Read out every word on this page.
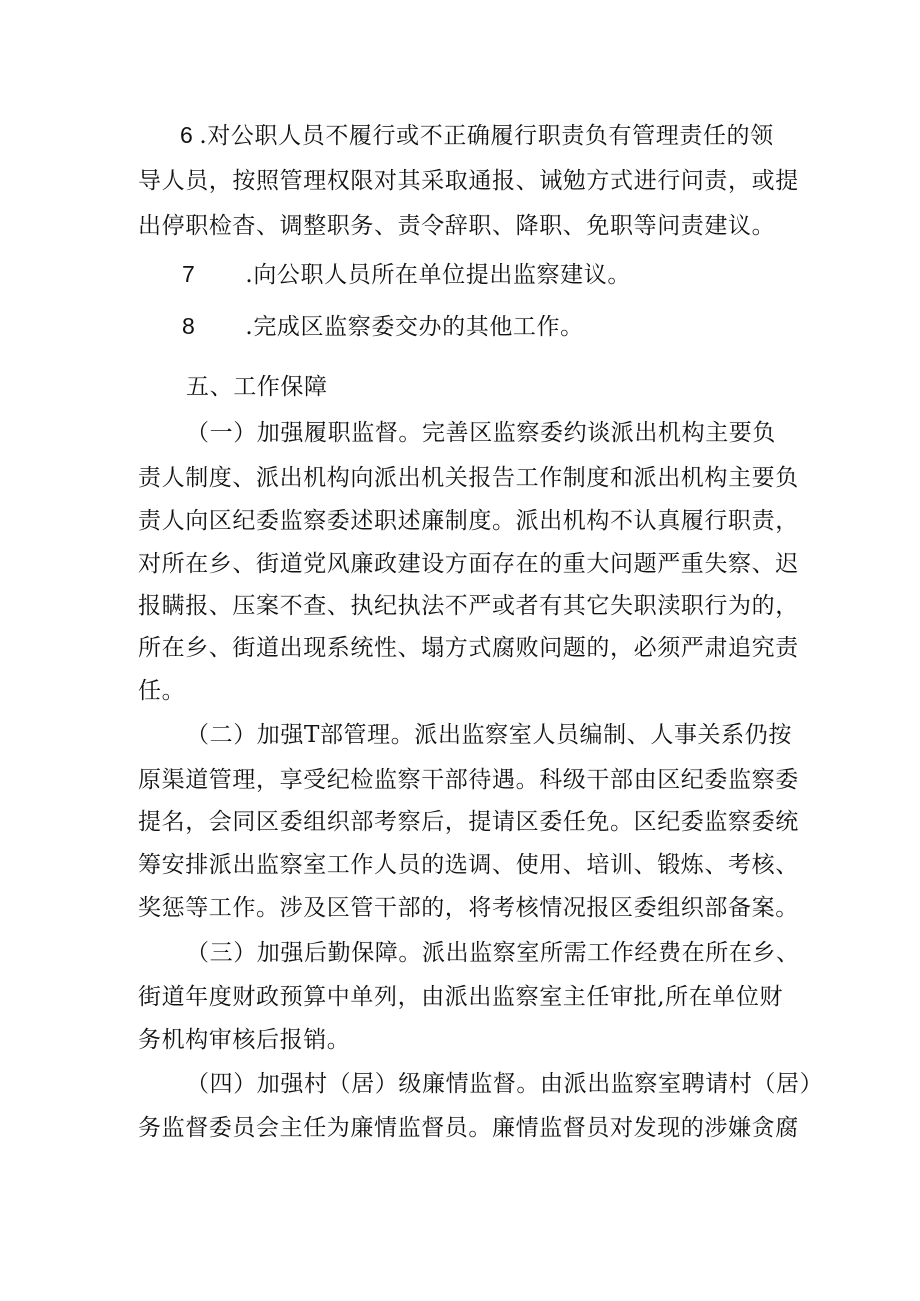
6 .对公职人员不履行或不正确履行职责负有管理责任的领
导人员，按照管理权限对其采取通报、诫勉方式进行问责，或提
出停职检杳、调整职务、责令辞职、降职、免职等问责建议。
7 .向公职人员所在单位提出监察建议。
8 .完成区监察委交办的其他工作。
五、工作保障
（一）加强履职监督。完善区监察委约谈派出机构主要负
责人制度、派出机构向派出机关报告工作制度和派出机构主要负
责人向区纪委监察委述职述廉制度。派出机构不认真履行职责，
对所在乡、街道党风廉政建设方面存在的重大问题严重失察、迟
报瞒报、压案不查、执纪执法不严或者有其它失职渎职行为的，
所在乡、街道出现系统性、塌方式腐败问题的，必须严肃追究责
任。
（二）加强T部管理。派出监察室人员编制、人事关系仍按
原渠道管理，享受纪检监察干部待遇。科级干部由区纪委监察委
提名，会同区委组织部考察后，提请区委任免。区纪委监察委统
筹安排派出监察室工作人员的选调、使用、培训、锻炼、考核、
奖惩等工作。涉及区管干部的，将考核情况报区委组织部备案。
（三）加强后勤保障。派出监察室所需工作经费在所在乡、
街道年度财政预算中单列，由派出监察室主任审批,所在单位财
务机构审核后报销。
（四）加强村（居）级廉情监督。由派出监察室聘请村（居）
务监督委员会主任为廉情监督员。廉情监督员对发现的涉嫌贪腐
